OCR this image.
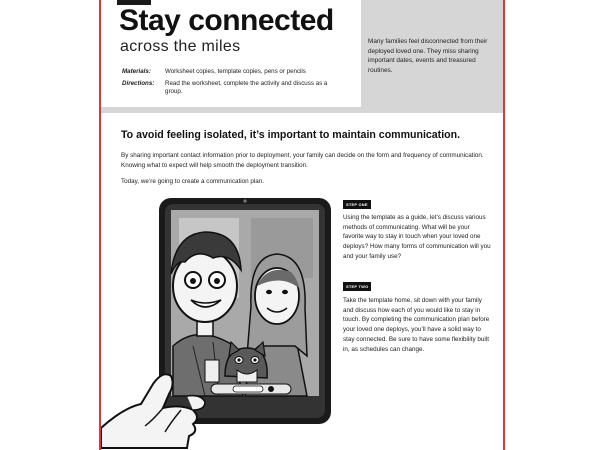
Stay connected
across the miles
Materials: Worksheet copies, template copies, pens or pencils
Directions: Read the worksheet, complete the activity and discuss as a group.
Many families feel disconnected from their deployed loved one. They miss sharing important dates, events and treasured routines.
To avoid feeling isolated, it’s important to maintain communication.
By sharing important contact information prior to deployment, your family can decide on the form and frequency of communication. Knowing what to expect will help smooth the deployment transition.
Today, we’re going to create a communication plan.
STEP ONE
Using the template as a guide, let’s discuss various methods of communicating. What will be your favorite way to stay in touch when your loved one deploys? How many forms of communication will you and your family use?
STEP TWO
Take the template home, sit down with your family and discuss how each of you would like to stay in touch. By completing the communication plan before your loved one deploys, you’ll have a solid way to stay connected. Be sure to have some flexibility built in, as schedules can change.
